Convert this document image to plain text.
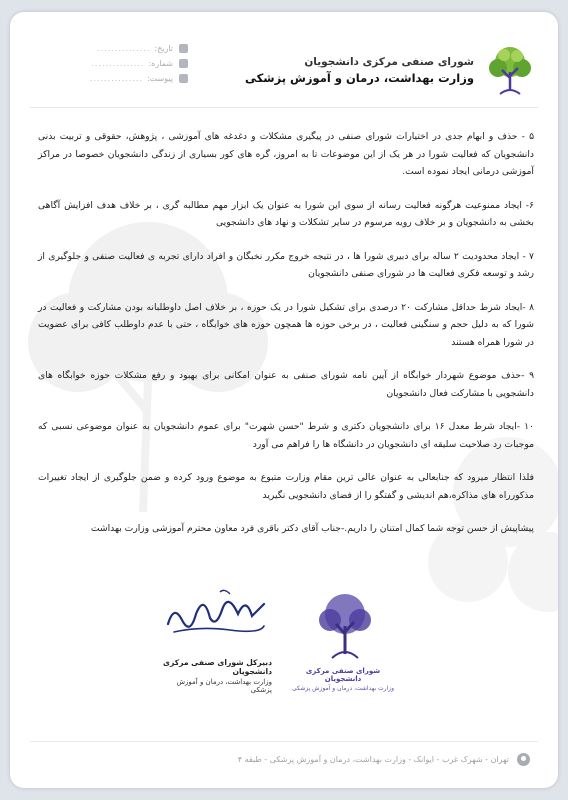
شورای صنفی مرکزی دانشجویان
وزارت بهداشت، درمان و آموزش پزشکی
............... تاریخ:
............... شماره:
............... پیوست:

۵ - حذف و ابهام جدی در اختیارات شورای صنفی در پیگیری مشکلات و دغدغه های آموزشی ، پژوهش، حقوقی و تربیت بدنی دانشجویان که فعالیت شورا در هر یک از این موضوعات تا به امروز، گره های کور بسیاری از زندگی دانشجویان خصوصا در مراکز آموزشی درمانی ایجاد نموده است.

۶- ایجاد ممنوعیت هرگونه فعالیت رسانه از سوی این شورا به عنوان یک ابزار مهم مطالبه گری ، بر خلاف هدف افزایش آگاهی بخشی به دانشجویان و بر خلاف رویه مرسوم در سایر تشکلات و نهاد های دانشجویی

۷ - ایجاد محدودیت ۲ ساله برای دبیری شورا ها ، در نتیجه خروج مکرر نخبگان و افراد دارای تجربه ی فعالیت صنفی و جلوگیری از رشد و توسعه فکری فعالیت ها در شورای صنفی دانشجویان

۸ -ایجاد شرط حداقل مشارکت ۲۰ درصدی برای تشکیل شورا در یک حوزه ، بر خلاف اصل داوطلبانه بودن مشارکت و فعالیت در شورا که به دلیل حجم و سنگینی فعالیت ، در برخی حوزه ها همچون حوزه های خوابگاه ، حتی با عدم داوطلب کافی برای عضویت در شورا همراه هستند

۹ -حذف موضوع شهردار خوابگاه از آیین نامه شورای صنفی به عنوان امکانی برای بهبود و رفع مشکلات حوزه خوابگاه های دانشجویی با مشارکت فعال دانشجویان

۱۰ -ایجاد شرط معدل ۱۶ برای دانشجویان دکتری و شرط "حسن شهرت" برای عموم دانشجویان به عنوان موضوعی نسبی که موجبات رد صلاحیت سلیقه ای دانشجویان در دانشگاه ها را فراهم می آورد

فلذا انتظار میرود که جنابعالی به عنوان عالی ترین مقام وزارت متبوع به موضوع ورود کرده و ضمن جلوگیری از ایجاد تغییرات مذکورراه های مذاکره،هم اندیشی و گفتگو را از فضای دانشجویی نگیرید

پیشاپیش از حسن توجه شما کمال امتنان را داریم.-جناب آقای دکتر باقری فرد معاون محترم آموزشی وزارت بهداشت

دبیرکل شورای صنفی مرکزی دانشجویان
وزارت بهداشت، درمان و آموزش پزشکی
شورای صنفی مرکزی دانشجویان
وزارت بهداشت، درمان و آموزش پزشکی
تهران - شهرک غرب - ایوانک - وزارت بهداشت، درمان و آموزش پزشکی - طبقه ۴
